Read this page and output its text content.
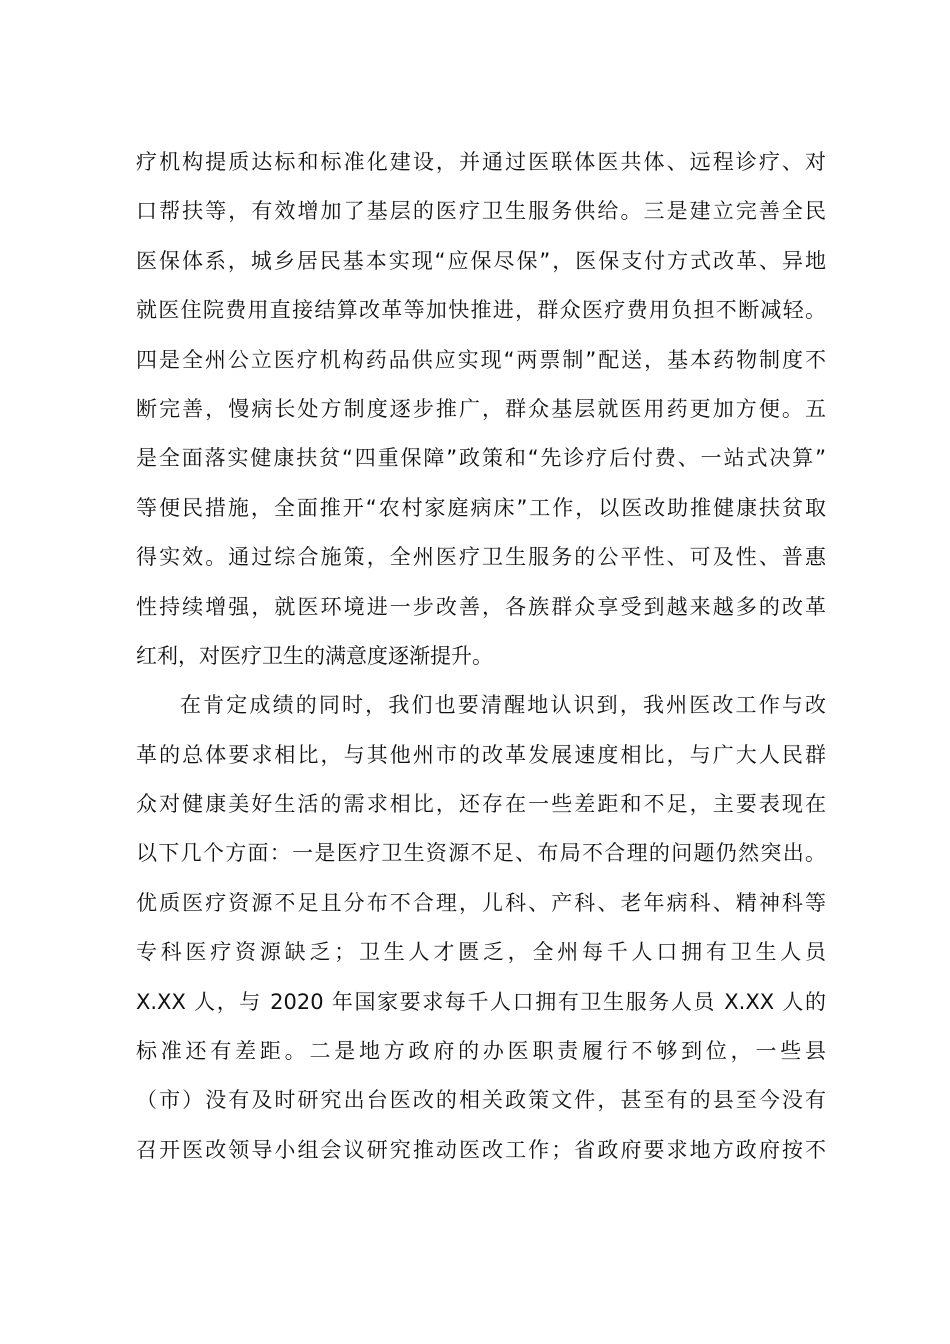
疗机构提质达标和标准化建设，并通过医联体医共体、远程诊疗、对
口帮扶等，有效增加了基层的医疗卫生服务供给。三是建立完善全民
医保体系，城乡居民基本实现“应保尽保”，医保支付方式改革、异地
就医住院费用直接结算改革等加快推进，群众医疗费用负担不断减轻。
四是全州公立医疗机构药品供应实现“两票制”配送，基本药物制度不
断完善，慢病长处方制度逐步推广，群众基层就医用药更加方便。五
是全面落实健康扶贫“四重保障”政策和“先诊疗后付费、一站式决算”
等便民措施，全面推开“农村家庭病床”工作，以医改助推健康扶贫取
得实效。通过综合施策，全州医疗卫生服务的公平性、可及性、普惠
性持续增强，就医环境进一步改善，各族群众享受到越来越多的改革
红利，对医疗卫生的满意度逐渐提升。
在肯定成绩的同时，我们也要清醒地认识到，我州医改工作与改
革的总体要求相比，与其他州市的改革发展速度相比，与广大人民群
众对健康美好生活的需求相比，还存在一些差距和不足，主要表现在
以下几个方面：一是医疗卫生资源不足、布局不合理的问题仍然突出。
优质医疗资源不足且分布不合理，儿科、产科、老年病科、精神科等
专科医疗资源缺乏；卫生人才匮乏，全州每千人口拥有卫生人员
X.XX 人，与 2020 年国家要求每千人口拥有卫生服务人员 X.XX 人的
标准还有差距。二是地方政府的办医职责履行不够到位，一些县
（市）没有及时研究出台医改的相关政策文件，甚至有的县至今没有
召开医改领导小组会议研究推动医改工作；省政府要求地方政府按不
